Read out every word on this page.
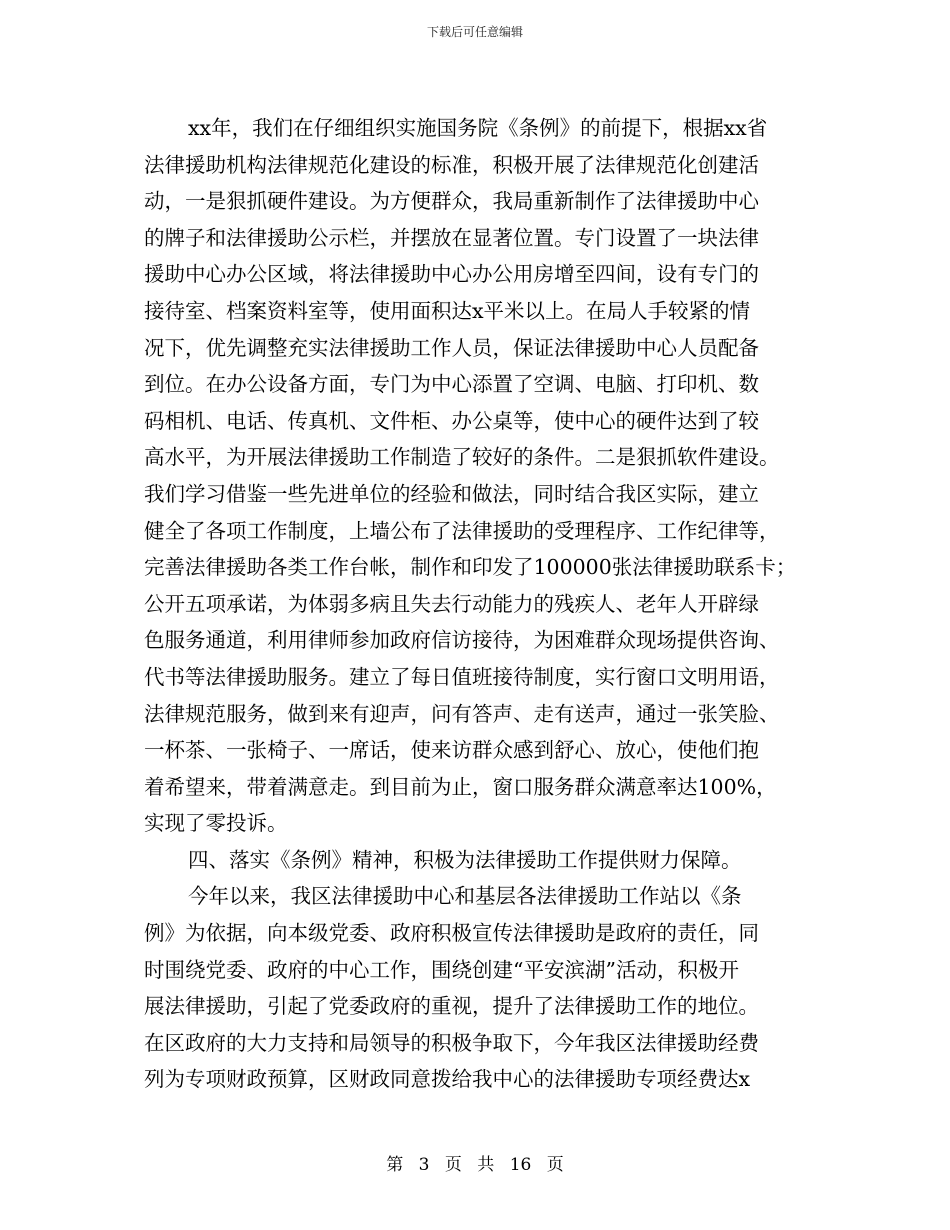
下载后可任意编辑
xx年，我们在仔细组织实施国务院《条例》的前提下，根据xx省
法律援助机构法律规范化建设的标准，积极开展了法律规范化创建活
动，一是狠抓硬件建设。为方便群众，我局重新制作了法律援助中心
的牌子和法律援助公示栏，并摆放在显著位置。专门设置了一块法律
援助中心办公区域，将法律援助中心办公用房增至四间，设有专门的
接待室、档案资料室等，使用面积达x平米以上。在局人手较紧的情
况下，优先调整充实法律援助工作人员，保证法律援助中心人员配备
到位。在办公设备方面，专门为中心添置了空调、电脑、打印机、数
码相机、电话、传真机、文件柜、办公桌等，使中心的硬件达到了较
高水平，为开展法律援助工作制造了较好的条件。二是狠抓软件建设。
我们学习借鉴一些先进单位的经验和做法，同时结合我区实际，建立
健全了各项工作制度，上墙公布了法律援助的受理程序、工作纪律等，
完善法律援助各类工作台帐，制作和印发了100000张法律援助联系卡；
公开五项承诺，为体弱多病且失去行动能力的残疾人、老年人开辟绿
色服务通道，利用律师参加政府信访接待，为困难群众现场提供咨询、
代书等法律援助服务。建立了每日值班接待制度，实行窗口文明用语，
法律规范服务，做到来有迎声，问有答声、走有送声，通过一张笑脸、
一杯茶、一张椅子、一席话，使来访群众感到舒心、放心，使他们抱
着希望来，带着满意走。到目前为止，窗口服务群众满意率达100%，
实现了零投诉。
四、落实《条例》精神，积极为法律援助工作提供财力保障。
今年以来，我区法律援助中心和基层各法律援助工作站以《条
例》为依据，向本级党委、政府积极宣传法律援助是政府的责任，同
时围绕党委、政府的中心工作，围绕创建“平安滨湖”活动，积极开
展法律援助，引起了党委政府的重视，提升了法律援助工作的地位。
在区政府的大力支持和局领导的积极争取下，今年我区法律援助经费
列为专项财政预算，区财政同意拨给我中心的法律援助专项经费达x
第 3 页 共 16 页
